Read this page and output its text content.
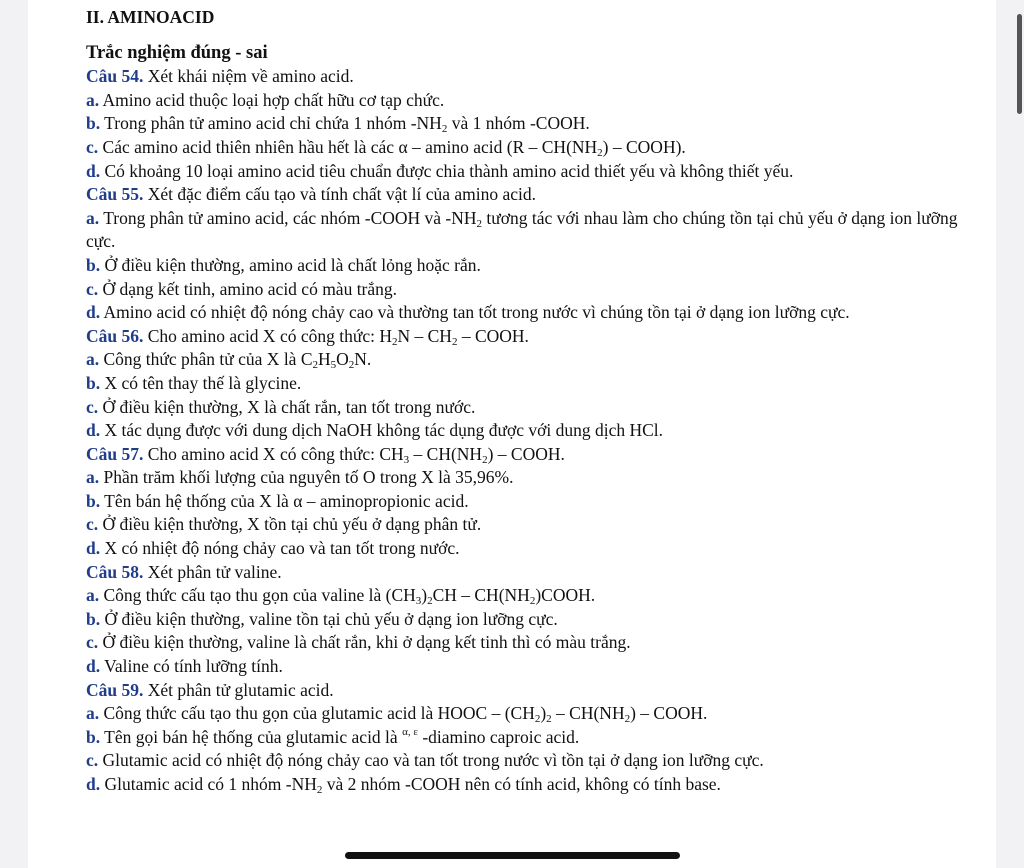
II. AMINOACID

Trắc nghiệm đúng - sai

Câu 54. Xét khái niệm về amino acid.

a. Amino acid thuộc loại hợp chất hữu cơ tạp chức.

b. Trong phân tử amino acid chỉ chứa 1 nhóm $-NH_2$ và 1 nhóm -COOH.

c. Các amino acid thiên nhiên hầu hết là các α – amino acid ($R - CH(NH_2)$ – COOH).

d. Có khoảng 10 loại amino acid tiêu chuẩn được chia thành amino acid thiết yếu và không thiết yếu.

Câu 55. Xét đặc điểm cấu tạo và tính chất vật lí của amino acid.

a. Trong phân tử amino acid, các nhóm -COOH và $-NH_2$ tương tác với nhau làm cho chúng tồn tại chủ yếu ở dạng ion lưỡng cực.

b. Ở điều kiện thường, amino acid là chất lỏng hoặc rắn.

c. Ở dạng kết tinh, amino acid có màu trắng.

d. Amino acid có nhiệt độ nóng chảy cao và thường tan tốt trong nước vì chúng tồn tại ở dạng ion lưỡng cực.

Câu 56. Cho amino acid X có công thức: $H_2N - CH_2$ – COOH.

a. Công thức phân tử của X là $C_2H_5O_2N$.

b. X có tên thay thế là glycine.

c. Ở điều kiện thường, X là chất rắn, tan tốt trong nước.

d. X tác dụng được với dung dịch NaOH không tác dụng được với dung dịch HCl.

Câu 57. Cho amino acid X có công thức: $CH_3 - CH(NH_2)$ – COOH.

a. Phần trăm khối lượng của nguyên tố O trong X là 35,96%.

b. Tên bán hệ thống của X là α – aminopropionic acid.

c. Ở điều kiện thường, X tồn tại chủ yếu ở dạng phân tử.

d. X có nhiệt độ nóng chảy cao và tan tốt trong nước.

Câu 58. Xét phân tử valine.

a. Công thức cấu tạo thu gọn của valine là $(CH_3)_2CH$ – $CH(NH_2)COOH$.

b. Ở điều kiện thường, valine tồn tại chủ yếu ở dạng ion lưỡng cực.

c. Ở điều kiện thường, valine là chất rắn, khi ở dạng kết tinh thì có màu trắng.

d. Valine có tính lưỡng tính.

Câu 59. Xét phân tử glutamic acid.

a. Công thức cấu tạo thu gọn của glutamic acid là HOOC – $(CH_2)_2 - CH(NH_2)$ – COOH.

b. Tên gọi bán hệ thống của glutamic acid là $^{\alpha, \varepsilon}$ -diamino caproic acid.

c. Glutamic acid có nhiệt độ nóng chảy cao và tan tốt trong nước vì tồn tại ở dạng ion lưỡng cực.

d. Glutamic acid có 1 nhóm $-NH_2$ và 2 nhóm -COOH nên có tính acid, không có tính base.
